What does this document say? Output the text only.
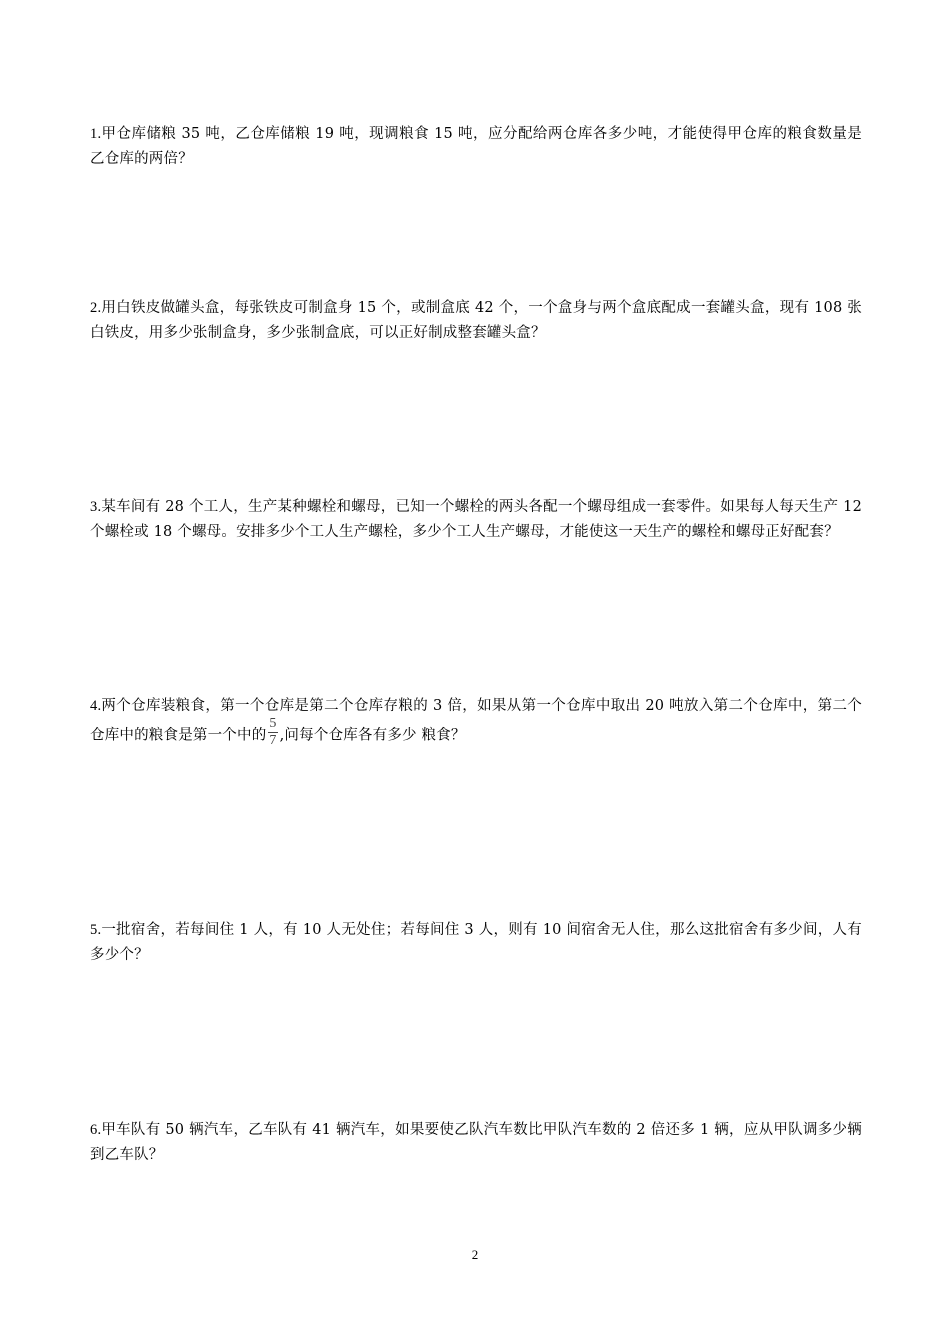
1.甲仓库储粮 35 吨，乙仓库储粮 19 吨，现调粮食 15 吨，应分配给两仓库各多少吨，才能使得甲仓库的粮食数量是乙仓库的两倍？
2.用白铁皮做罐头盒，每张铁皮可制盒身 15 个，或制盒底 42 个，一个盒身与两个盒底配成一套罐头盒，现有 108 张白铁皮，用多少张制盒身，多少张制盒底，可以正好制成整套罐头盒？
3.某车间有 28 个工人，生产某种螺栓和螺母，已知一个螺栓的两头各配一个螺母组成一套零件。如果每人每天生产 12 个螺栓或 18 个螺母。安排多少个工人生产螺栓，多少个工人生产螺母，才能使这一天生产的螺栓和螺母正好配套？
4.两个仓库装粮食，第一个仓库是第二个仓库存粮的 3 倍，如果从第一个仓库中取出 20 吨放入第二个仓库中，第二个仓库中的粮食是第一个中的 $\frac{5}{7}$ ,问每个仓库各有多少 粮食？
5.一批宿舍，若每间住 1 人，有 10 人无处住；若每间住 3 人，则有 10 间宿舍无人住，那么这批宿舍有多少间，人有多少个？
6.甲车队有 50 辆汽车，乙车队有 41 辆汽车，如果要使乙队汽车数比甲队汽车数的 2 倍还多 1 辆，应从甲队调多少辆到乙车队？
2
